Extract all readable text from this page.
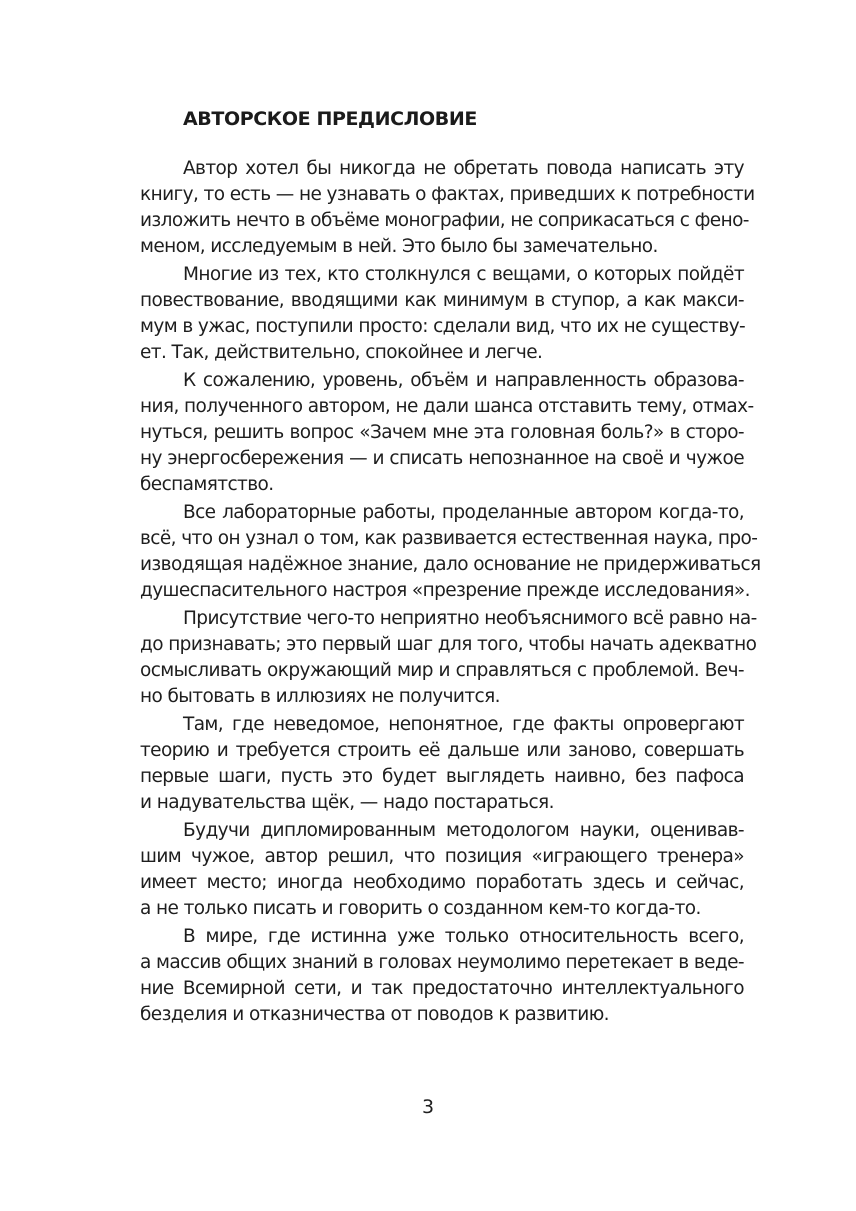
АВТОРСКОЕ ПРЕДИСЛОВИЕ

Автор хотел бы никогда не обретать повода написать эту

книгу, то есть — не узнавать о фактах, приведших к потребности

изложить нечто в объёме монографии, не соприкасаться с фено-

меном, исследуемым в ней. Это было бы замечательно.

Многие из тех, кто столкнулся с вещами, о которых пойдёт

повествование, вводящими как минимум в ступор, а как макси-

мум в ужас, поступили просто: сделали вид, что их не существу-

ет. Так, действительно, спокойнее и легче.

К сожалению, уровень, объём и направленность образова-

ния, полученного автором, не дали шанса отставить тему, отмах-

нуться, решить вопрос «Зачем мне эта головная боль?» в сторо-

ну энергосбережения — и списать непознанное на своё и чужое

беспамятство.

Все лабораторные работы, проделанные автором когда-то,

всё, что он узнал о том, как развивается естественная наука, про-

изводящая надёжное знание, дало основание не придерживаться

душеспасительного настроя «презрение прежде исследования».

Присутствие чего-то неприятно необъяснимого всё равно на-

до признавать; это первый шаг для того, чтобы начать адекватно

осмысливать окружающий мир и справляться с проблемой. Веч-

но бытовать в иллюзиях не получится.

Там, где неведомое, непонятное, где факты опровергают

теорию и требуется строить её дальше или заново, совершать

первые шаги, пусть это будет выглядеть наивно, без пафоса

и надувательства щёк, — надо постараться.

Будучи дипломированным методологом науки, оценивав-

шим чужое, автор решил, что позиция «играющего тренера»

имеет место; иногда необходимо поработать здесь и сейчас,

а не только писать и говорить о созданном кем-то когда-то.

В мире, где истинна уже только относительность всего,

а массив общих знаний в головах неумолимо перетекает в веде-

ние Всемирной сети, и так предостаточно интеллектуального

безделия и отказничества от поводов к развитию.

3
